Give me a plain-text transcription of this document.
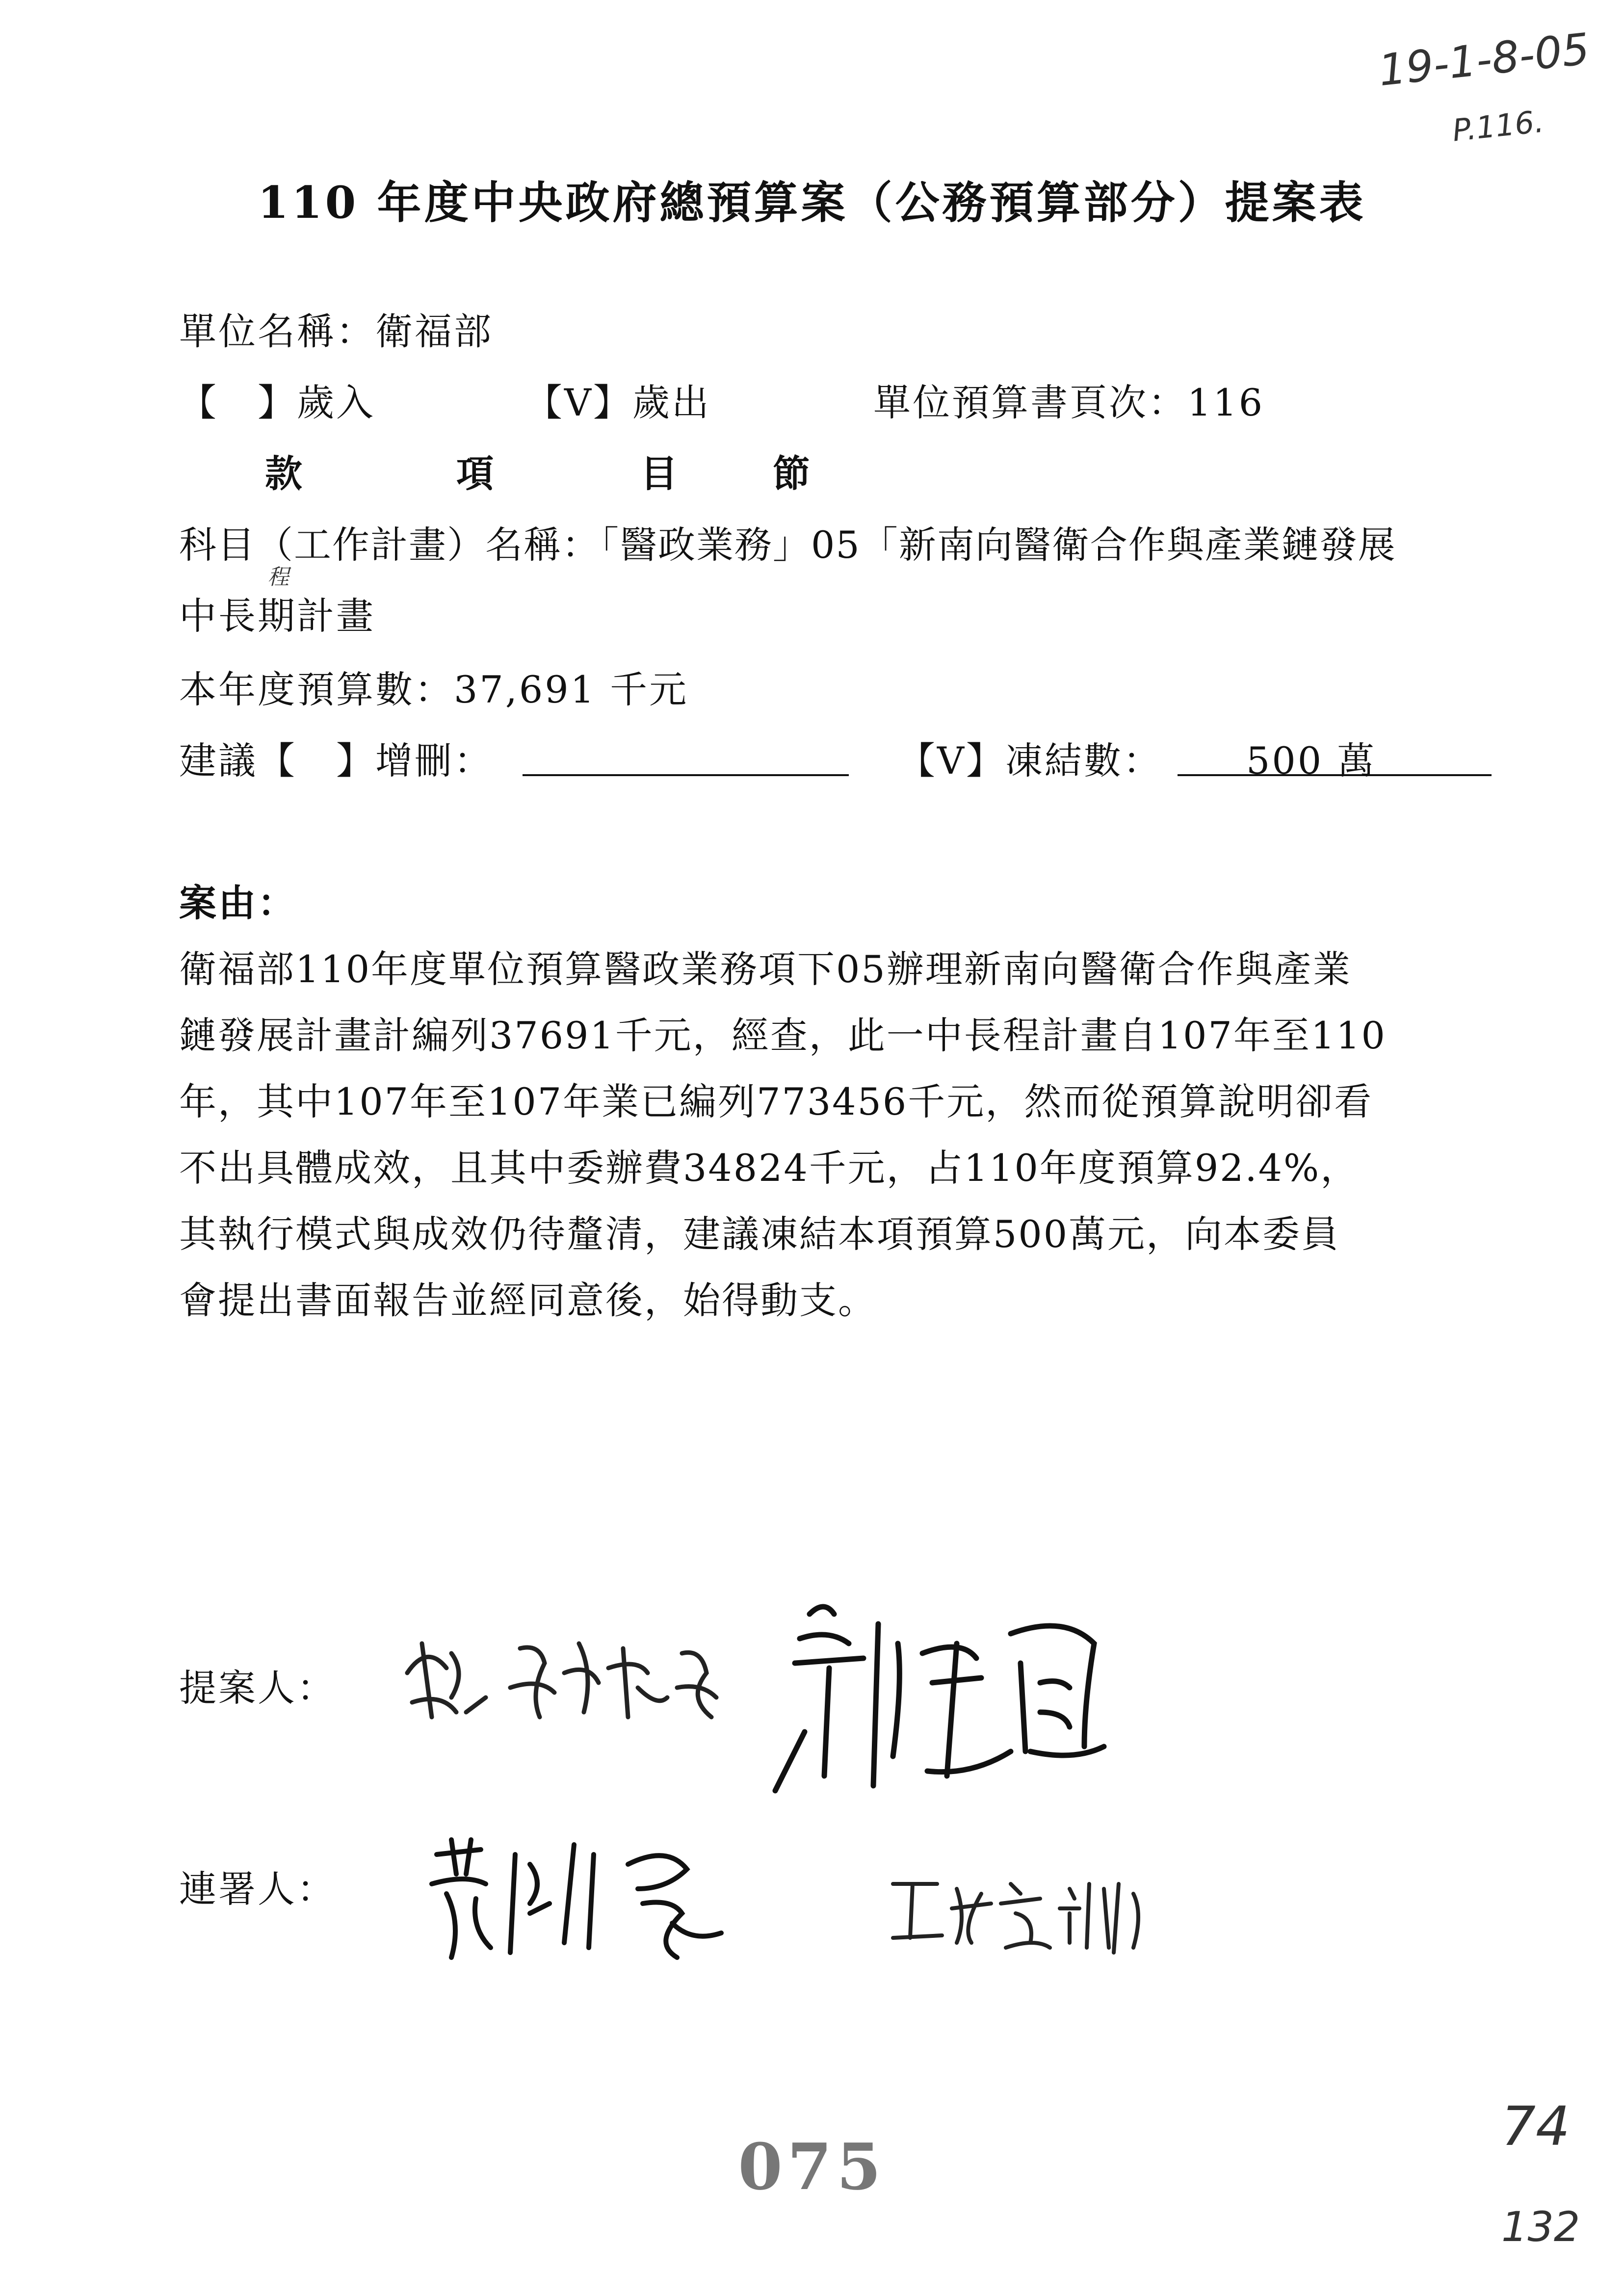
19-1-8-05
P.116.
110 年度中央政府總預算案（公務預算部分）提案表
單位名稱：衛福部
【　】歲入	【V】歲出	單位預算書頁次：116
款	項	目	節
科目（工作計畫）名稱：「醫政業務」05「新南向醫衛合作與產業鏈發展
程
中長期計畫
本年度預算數：37,691 千元
建議【　】增刪：	【V】凍結數： 500 萬
案由：
衛福部110年度單位預算醫政業務項下05辦理新南向醫衛合作與產業
鏈發展計畫計編列37691千元，經查，此一中長程計畫自107年至110
年，其中107年至107年業已編列773456千元，然而從預算說明卻看
不出具體成效，且其中委辦費34824千元，占110年度預算92.4%，
其執行模式與成效仍待釐清，建議凍結本項預算500萬元，向本委員
會提出書面報告並經同意後，始得動支。
提案人：
連署人：
075
74
132
